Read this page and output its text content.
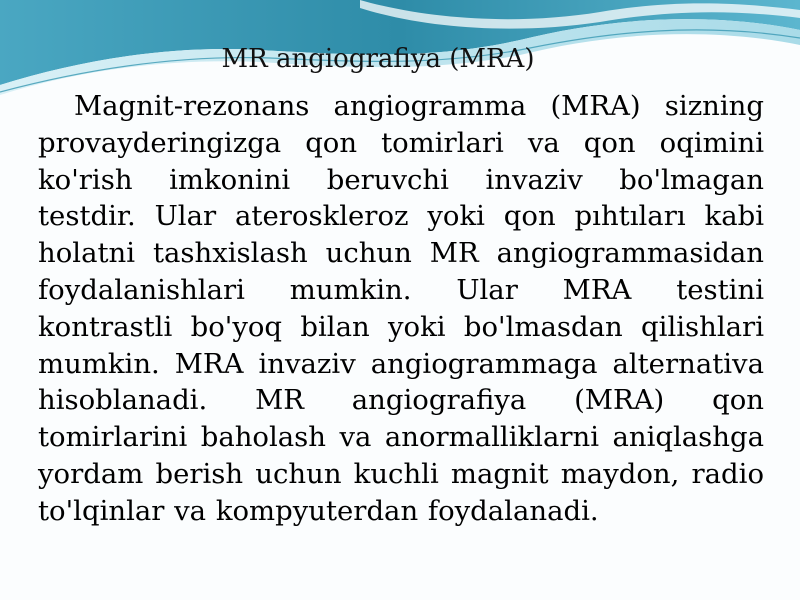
MR angiografiya (MRA)

Magnit-rezonans angiogramma (MRA) sizning provayderingizga qon tomirlari va qon oqimini ko'rish imkonini beruvchi invaziv bo'lmagan testdir. Ular ateroskleroz yoki qon pıhtıları kabi holatni tashxislash uchun MR angiogrammasidan foydalanishlari mumkin. Ular MRA testini kontrastli bo'yoq bilan yoki bo'lmasdan qilishlari mumkin. MRA invaziv angiogrammaga alternativa hisoblanadi. MR angiografiya (MRA) qon tomirlarini baholash va anormalliklarni aniqlashga yordam berish uchun kuchli magnit maydon, radio to'lqinlar va kompyuterdan foydalanadi.
